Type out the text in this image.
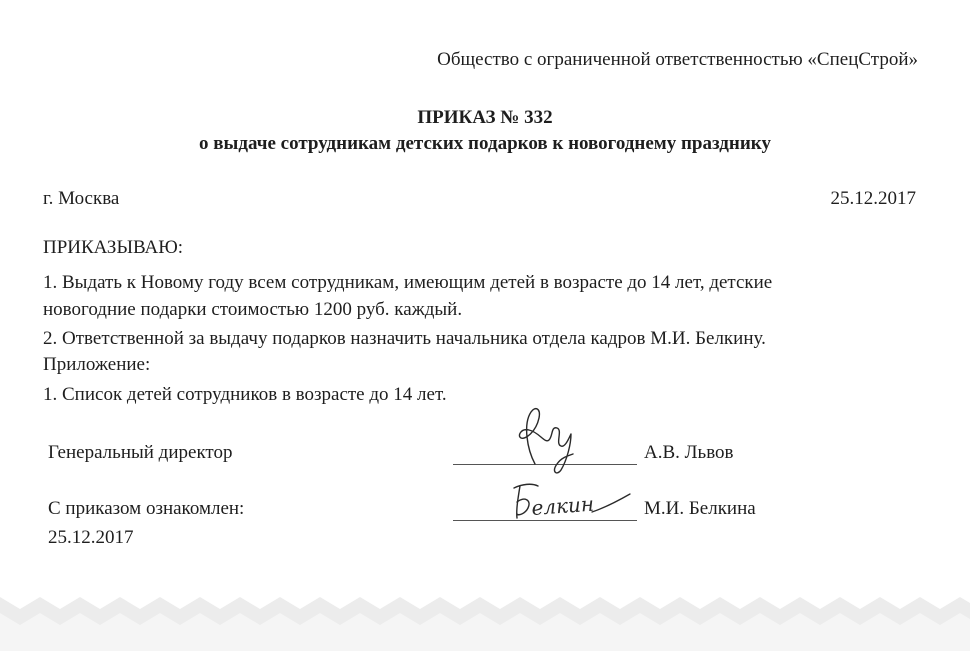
Общество с ограниченной ответственностью «СпецСтрой»
ПРИКАЗ № 332
о выдаче сотрудникам детских подарков к новогоднему празднику
г. Москва	25.12.2017
ПРИКАЗЫВАЮ:
1. Выдать к Новому году всем сотрудникам, имеющим детей в возрасте до 14 лет, детские
новогодние подарки стоимостью 1200 руб. каждый.
2. Ответственной за выдачу подарков назначить начальника отдела кадров М.И. Белкину.
Приложение:
1. Список детей сотрудников в возрасте до 14 лет.
Генеральный директор	А.В. Львов
С приказом ознакомлен:
25.12.2017
елкин	М.И. Белкина
